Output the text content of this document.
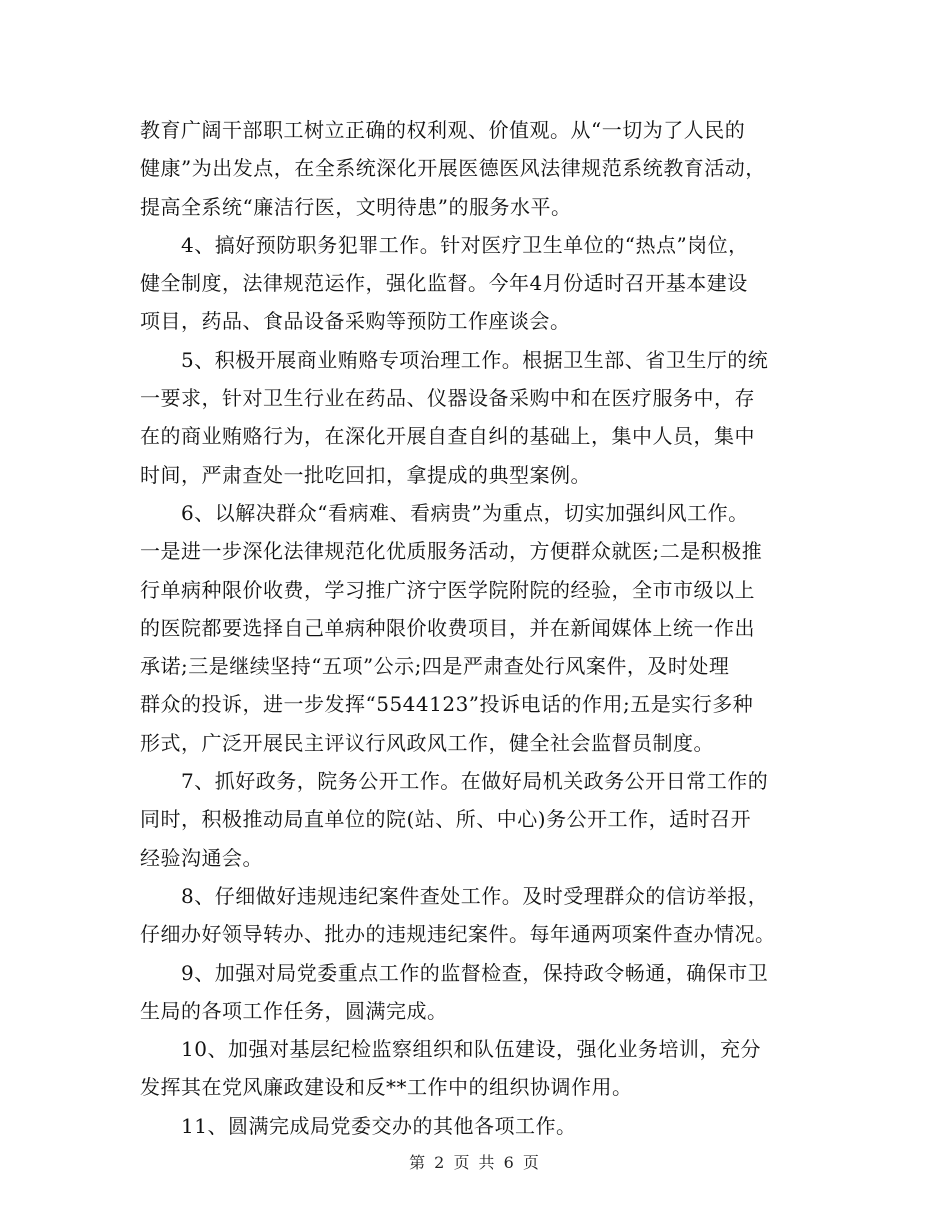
教育广阔干部职工树立正确的权利观、价值观。从“一切为了人民的
健康”为出发点，在全系统深化开展医德医风法律规范系统教育活动，
提高全系统“廉洁行医，文明待患”的服务水平。

　　4、搞好预防职务犯罪工作。针对医疗卫生单位的“热点”岗位，
健全制度，法律规范运作，强化监督。今年4月份适时召开基本建设
项目，药品、食品设备采购等预防工作座谈会。

　　5、积极开展商业贿赂专项治理工作。根据卫生部、省卫生厅的统
一要求，针对卫生行业在药品、仪器设备采购中和在医疗服务中，存
在的商业贿赂行为，在深化开展自查自纠的基础上，集中人员，集中
时间，严肃查处一批吃回扣，拿提成的典型案例。

　　6、以解决群众“看病难、看病贵”为重点，切实加强纠风工作。
一是进一步深化法律规范化优质服务活动，方便群众就医;二是积极推
行单病种限价收费，学习推广济宁医学院附院的经验，全市市级以上
的医院都要选择自己单病种限价收费项目，并在新闻媒体上统一作出
承诺;三是继续坚持“五项”公示;四是严肃查处行风案件，及时处理
群众的投诉，进一步发挥“5544123”投诉电话的作用;五是实行多种
形式，广泛开展民主评议行风政风工作，健全社会监督员制度。

　　7、抓好政务，院务公开工作。在做好局机关政务公开日常工作的
同时，积极推动局直单位的院(站、所、中心)务公开工作，适时召开
经验沟通会。

　　8、仔细做好违规违纪案件查处工作。及时受理群众的信访举报，
仔细办好领导转办、批办的违规违纪案件。每年通两项案件查办情况。

　　9、加强对局党委重点工作的监督检查，保持政令畅通，确保市卫
生局的各项工作任务，圆满完成。

　　10、加强对基层纪检监察组织和队伍建设，强化业务培训，充分
发挥其在党风廉政建设和反**工作中的组织协调作用。

　　11、圆满完成局党委交办的其他各项工作。

第 2 页 共 6 页
